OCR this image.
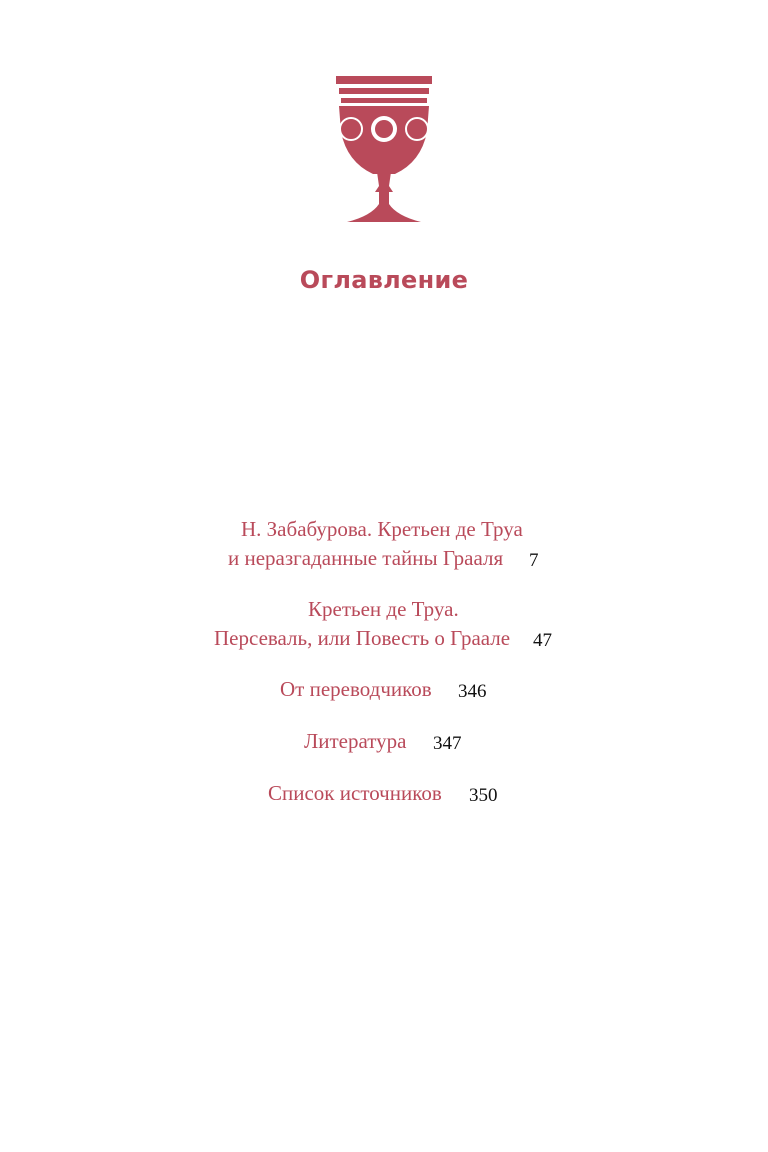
Оглавление
Н. Забабурова. Кретьен де Труа
и неразгаданные тайны Грааля 7
Кретьен де Труа.
Персеваль, или Повесть о Граале 47
От переводчиков 346
Литература 347
Список источников 350
